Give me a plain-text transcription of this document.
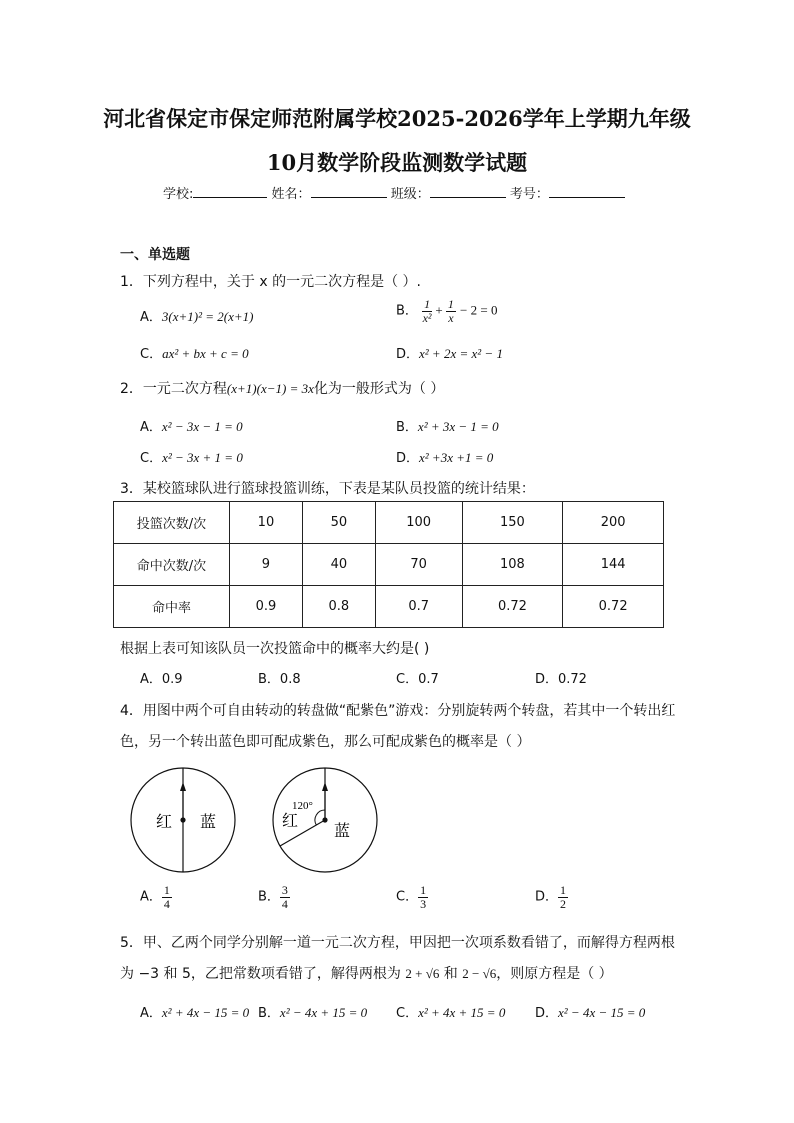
河北省保定市保定师范附属学校2025-2026学年上学期九年级
10月数学阶段监测数学试题
学校:	姓名：	班级：	考号：
一、单选题
1．下列方程中，关于 x 的一元二次方程是（ ）.
A．3(x+1)² = 2(x+1)	B． $\frac{1}{\text{x²}} + \frac{1}{x} - 2 = 0$
C．ax² + bx + c = 0	D．x² + 2x = x² − 1
2．一元二次方程(x+1)(x−1) = 3x化为一般形式为（ ）
A．x² − 3x − 1 = 0	B．x² + 3x − 1 = 0
C．x² − 3x + 1 = 0	D．x² +3x +1 = 0
3．某校篮球队进行篮球投篮训练，下表是某队员投篮的统计结果：
投篮次数/次	10	50	100	150	200
命中次数/次	9	40	70	108	144
命中率	0.9	0.8	0.7	0.72	0.72
根据上表可知该队员一次投篮命中的概率大约是( )
A．0.9	B．0.8	C．0.7	D．0.72
4．用图中两个可自由转动的转盘做“配紫色”游戏：分别旋转两个转盘，若其中一个转出红
色，另一个转出蓝色即可配成紫色，那么可配成紫色的概率是（ ）
红 蓝
120°
红
蓝
A． $\frac{1}{4}$	B． $\frac{3}{4}$	C． $\frac{1}{3}$	D． $\frac{1}{2}$
5．甲、乙两个同学分别解一道一元二次方程，甲因把一次项系数看错了，而解得方程两根
为 −3 和 5，乙把常数项看错了，解得两根为 2 + √6 和 2 − √6，则原方程是（ ）
A．x² + 4x − 15 = 0 B．x² − 4x + 15 = 0 C．x² + 4x + 15 = 0 D．x² − 4x − 15 = 0
